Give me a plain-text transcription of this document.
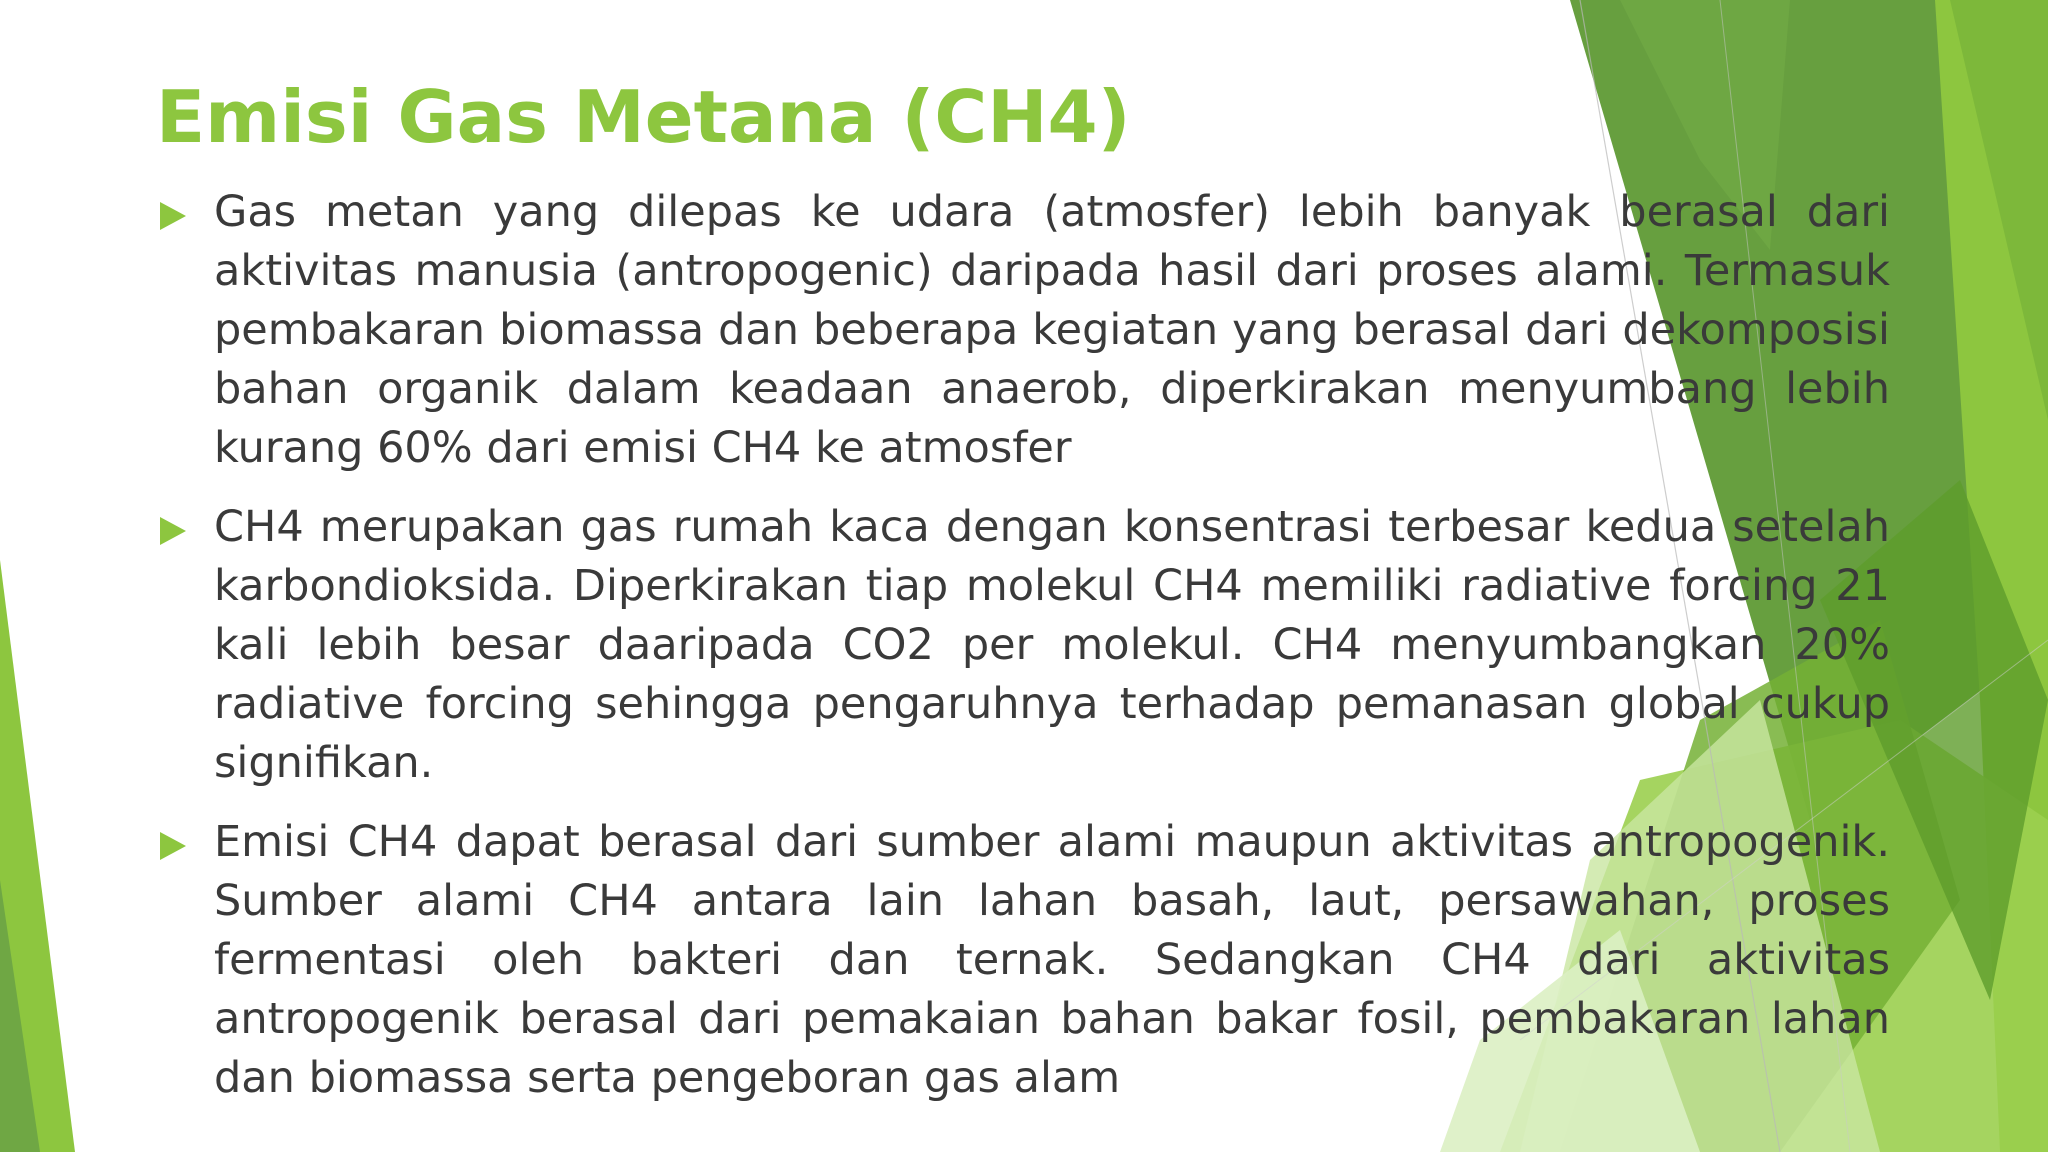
Emisi Gas Metana (CH4)
Gas metan yang dilepas ke udara (atmosfer) lebih banyak berasal dari aktivitas manusia (antropogenic) daripada hasil dari proses alami. Termasuk pembakaran biomassa dan beberapa kegiatan yang berasal dari dekomposisi bahan organik dalam keadaan anaerob, diperkirakan menyumbang lebih kurang 60% dari emisi CH4 ke atmosfer
CH4 merupakan gas rumah kaca dengan konsentrasi terbesar kedua setelah karbondioksida. Diperkirakan tiap molekul CH4 memiliki radiative forcing 21 kali lebih besar daaripada CO2 per molekul. CH4 menyumbangkan 20% radiative forcing sehingga pengaruhnya terhadap pemanasan global cukup signifikan.
Emisi CH4 dapat berasal dari sumber alami maupun aktivitas antropogenik. Sumber alami CH4 antara lain lahan basah, laut, persawahan, proses fermentasi oleh bakteri dan ternak. Sedangkan CH4 dari aktivitas antropogenik berasal dari pemakaian bahan bakar fosil, pembakaran lahan dan biomassa serta pengeboran gas alam
